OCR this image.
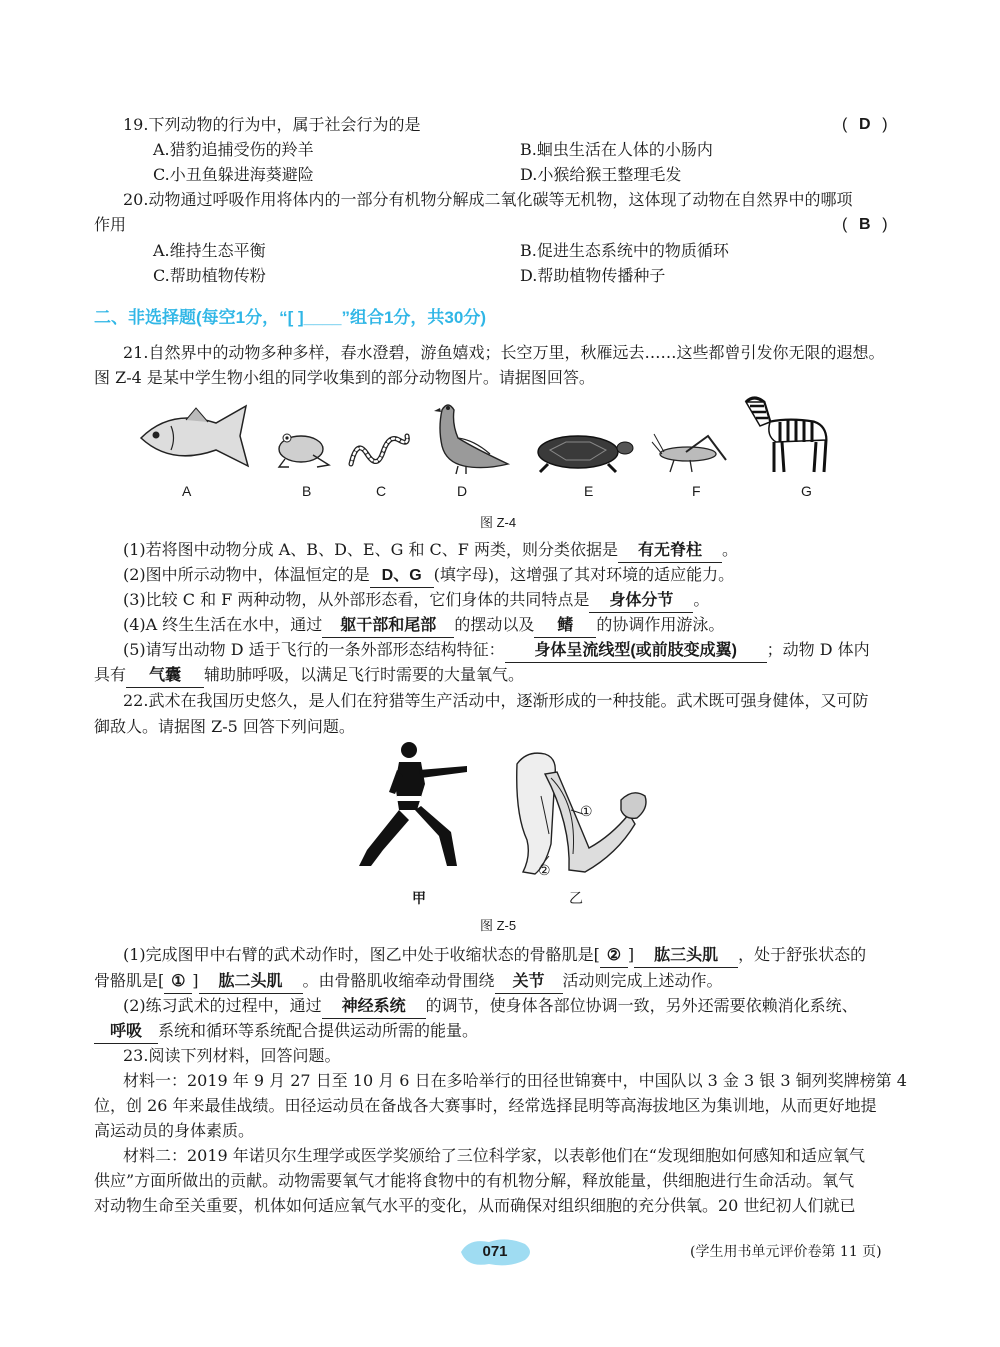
19.下列动物的行为中，属于社会行为的是	( D )
A.猎豹追捕受伤的羚羊	B.蛔虫生活在人体的小肠内
C.小丑鱼躲进海葵避险	D.小猴给猴王整理毛发
20.动物通过呼吸作用将体内的一部分有机物分解成二氧化碳等无机物，这体现了动物在自然界中的哪项
作用	( B )
A.维持生态平衡	B.促进生态系统中的物质循环
C.帮助植物传粉	D.帮助植物传播种子
二、非选择题(每空1分，“[ ]____”组合1分，共30分)
21.自然界中的动物多种多样，春水澄碧，游鱼嬉戏；长空万里，秋雁远去……这些都曾引发你无限的遐想。
图 Z-4 是某中学生物小组的同学收集到的部分动物图片。请据图回答。
A	B	C	D	E	F	G
图 Z-4
(1)若将图中动物分成 A、B、D、E、G 和 C、F 两类，则分类依据是 有无脊柱 。
(2)图中所示动物中，体温恒定的是 D、G (填字母)，这增强了其对环境的适应能力。
(3)比较 C 和 F 两种动物，从外部形态看，它们身体的共同特点是 身体分节 。
(4)A 终生生活在水中，通过 躯干部和尾部 的摆动以及 鳍 的协调作用游泳。
(5)请写出动物 D 适于飞行的一条外部形态结构特征： 身体呈流线型(或前肢变成翼) ；动物 D 体内
具有 气囊 辅助肺呼吸，以满足飞行时需要的大量氧气。
22.武术在我国历史悠久，是人们在狩猎等生产活动中，逐渐形成的一种技能。武术既可强身健体，又可防
御敌人。请据图 Z-5 回答下列问题。
①
②
甲	乙
图 Z-5
(1)完成图甲中右臂的武术动作时，图乙中处于收缩状态的骨骼肌是[ ② ] 肱三头肌 ，处于舒张状态的
骨骼肌是[ ① ] 肱二头肌 。由骨骼肌收缩牵动骨围绕 关节 活动则完成上述动作。
(2)练习武术的过程中，通过 神经系统 的调节，使身体各部位协调一致，另外还需要依赖消化系统、
呼吸 系统和循环等系统配合提供运动所需的能量。
23.阅读下列材料，回答问题。
材料一：2019 年 9 月 27 日至 10 月 6 日在多哈举行的田径世锦赛中，中国队以 3 金 3 银 3 铜列奖牌榜第 4
位，创 26 年来最佳战绩。田径运动员在备战各大赛事时，经常选择昆明等高海拔地区为集训地，从而更好地提
高运动员的身体素质。
材料二：2019 年诺贝尔生理学或医学奖颁给了三位科学家，以表彰他们在“发现细胞如何感知和适应氧气
供应”方面所做出的贡献。动物需要氧气才能将食物中的有机物分解，释放能量，供细胞进行生命活动。氧气
对动物生命至关重要，机体如何适应氧气水平的变化，从而确保对组织细胞的充分供氧。20 世纪初人们就已
071	(学生用书单元评价卷第 11 页)
